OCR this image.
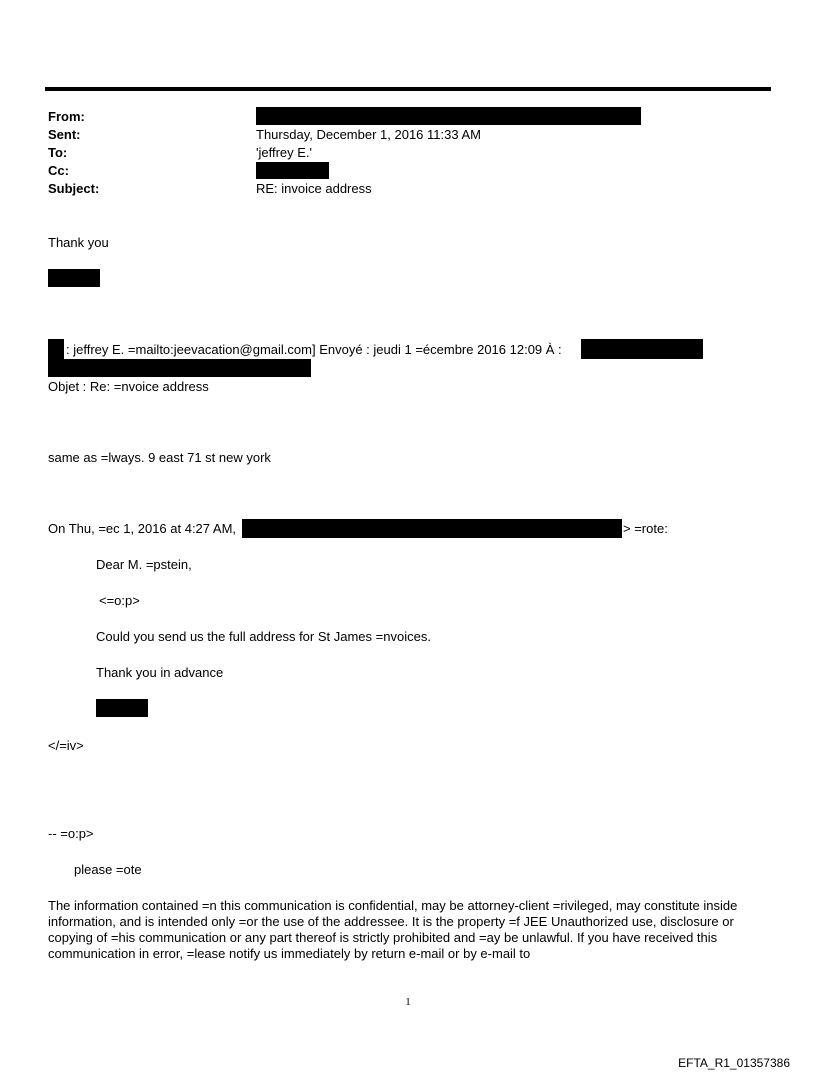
From:
Sent:	Thursday, December 1, 2016 11:33 AM
To:	'jeffrey E.'
Cc:
Subject:	RE: invoice address
Thank you
: jeffrey E. =mailto:jeevacation@gmail.com] Envoyé : jeudi 1 =écembre 2016 12:09 À :
Objet : Re: =nvoice address
same as =lways. 9 east 71 st new york
On Thu, =ec 1, 2016 at 4:27 AM,	> =rote:
Dear M. =pstein,
<=o:p>
Could you send us the full address for St James =nvoices.
Thank you in advance
</=iv>
-- =o:p>
please =ote
The information contained =n this communication is confidential, may be attorney-client =rivileged, may constitute inside information, and is intended only =or the use of the addressee. It is the property =f JEE Unauthorized use, disclosure or copying of =his communication or any part thereof is strictly prohibited and =ay be unlawful. If you have received this communication in error, =lease notify us immediately by return e-mail or by e-mail to
1
EFTA_R1_01357386
